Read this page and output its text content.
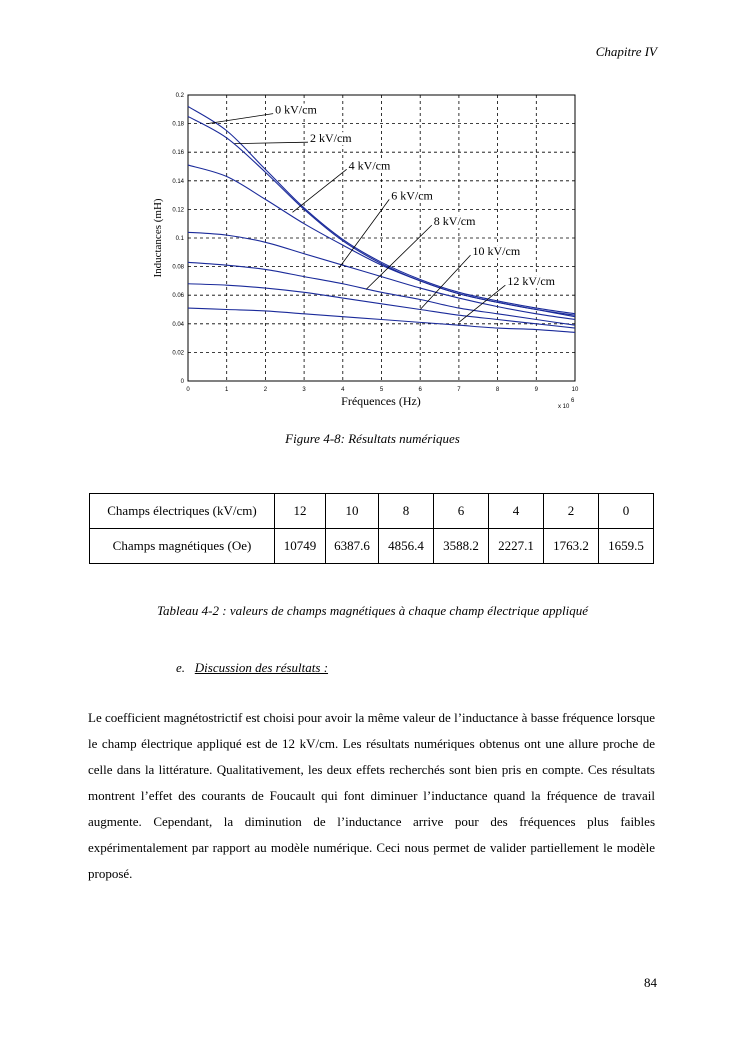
Chapitre IV
0	1	2	3	4	5	6	7	8	9	10
0
0.02
0.04
0.06
0.08
0.1
0.12
0.14
0.16
0.18
0.2
0 kV/cm
2 kV/cm
4 kV/cm
6 kV/cm
8 kV/cm
10 kV/cm
12 kV/cm
Fréquences (Hz)
Inductances (mH)
x 10
6
Figure 4-8: Résultats numériques
Champs électriques (kV/cm)	12	10	8	6	4	2	0
Champs magnétiques (Oe)	10749	6387.6	4856.4	3588.2	2227.1	1763.2	1659.5
Tableau 4-2 : valeurs de champs magnétiques à chaque champ électrique appliqué
e. Discussion des résultats :
Le coefficient magnétostrictif est choisi pour avoir la même valeur de l’inductance à basse fréquence lorsque le champ électrique appliqué est de 12 kV/cm. Les résultats numériques obtenus ont une allure proche de celle dans la littérature. Qualitativement, les deux effets recherchés sont bien pris en compte. Ces résultats montrent l’effet des courants de Foucault qui font diminuer l’inductance quand la fréquence de travail augmente. Cependant, la diminution de l’inductance arrive pour des fréquences plus faibles expérimentalement par rapport au modèle numérique. Ceci nous permet de valider partiellement le modèle proposé.
84
